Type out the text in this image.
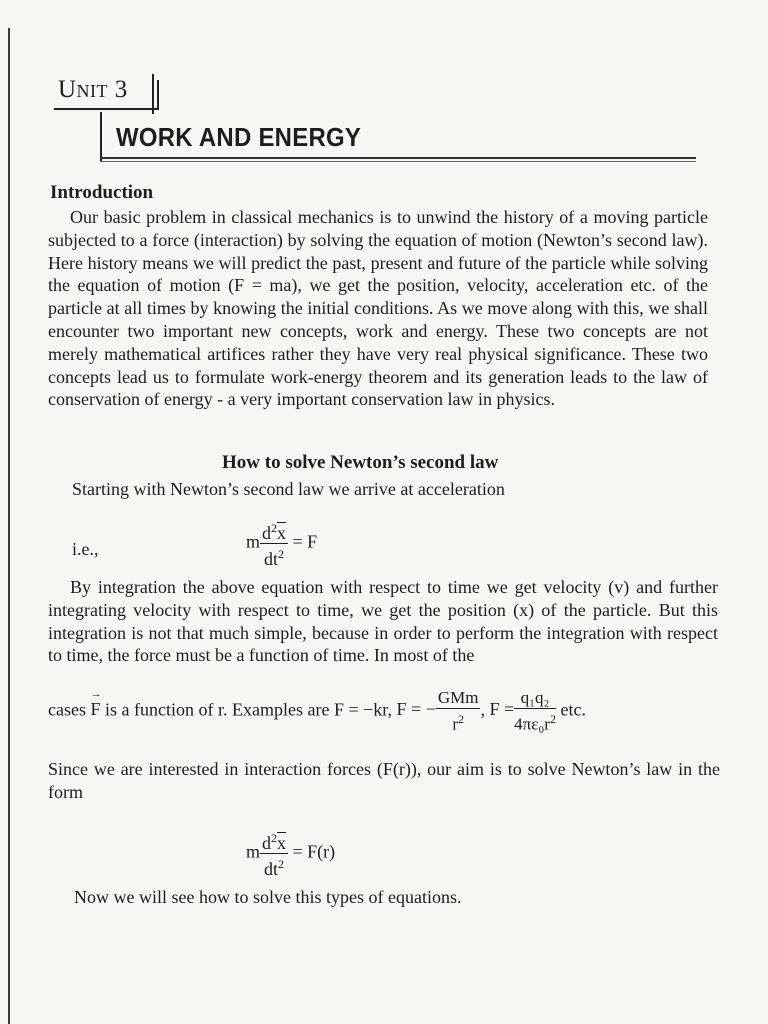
Unit 3
WORK AND ENERGY
Introduction
Our basic problem in classical mechanics is to unwind the history of a moving particle subjected to a force (interaction) by solving the equation of motion (Newton’s second law). Here history means we will predict the past, present and future of the particle while solving the equation of motion (F = ma), we get the position, velocity, acceleration etc. of the particle at all times by knowing the initial conditions. As we move along with this, we shall encounter two important new concepts, work and energy. These two concepts are not merely mathematical artifices rather they have very real physical significance. These two concepts lead us to formulate work-energy theorem and its generation leads to the law of conservation of energy - a very important conservation law in physics.
How to solve Newton’s second law
Starting with Newton’s second law we arrive at acceleration
i.e.,	m $\frac{d^2\overline{x}}{dt^2} = F$
By integration the above equation with respect to time we get velocity (v) and further integrating velocity with respect to time, we get the position (x) of the particle. But this integration is not that much simple, because in order to perform the integration with respect to time, the force must be a function of time. In most of the
cases → F is a function of r. Examples are F = −kr, F = − $\frac{\text{GMm}}{r^2}$ , $F = \frac{\text{q₁q₂}}{4\pi\varepsilon_0r^2}$ etc.
Since we are interested in interaction forces (F(r)), our aim is to solve Newton’s law in the form
m $\frac{d^2\overline{x}}{dt^2} = F(r)$
Now we will see how to solve this types of equations.
